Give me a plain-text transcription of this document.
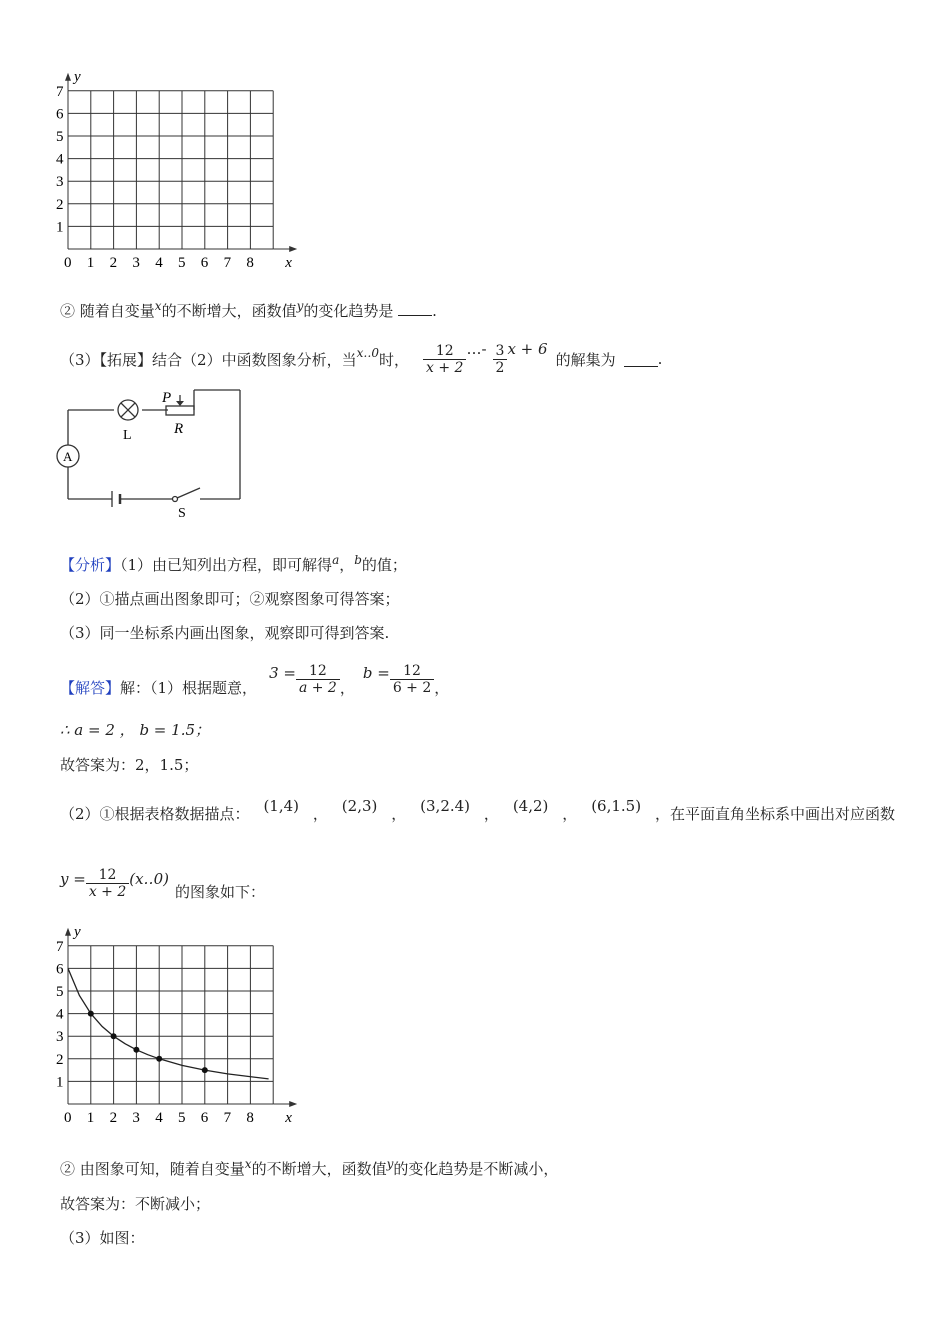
0 1 2 3 4 5 6 7 8
1
2
3
4
5
6
7
x
y
② 随着自变量$^x$的不断增大，函数值$^y$的变化趋势是	.
（3）【拓展】结合（2）中函数图象分析，当 x‥0 时， $\frac{12}{x + 2}$ …- $\frac{3}{2}$ x + 6
的解集为	.
P
R
L
A
S
【分析】（1）由已知列出方程，即可解得$^a$，$^b$的值；
（2）①描点画出图象即可；②观察图象可得答案；
（3）同一坐标系内画出图象，观察即可得到答案.
【解答】 解：（1）根据题意，
$3 = \frac{12}{a + 2}$ ，
$b = \frac{12}{6 + 2}$ ，
∴ a = 2 ， b = 1.5；
故答案为：2，1.5；
（2）①根据表格数据描点： (1,4) ， (2,3) ， (3,2.4) ， (4,2) ， (6,1.5) ，在平面直角坐标系中画出对应函数
$y = \frac{12}{x + 2}$ (x‥0)
的图象如下：
0 1 2 3 4 5 6 7 8
1
2
3
4
5
6
7
x
y
② 由图象可知，随着自变量$^x$的不断增大，函数值$^y$的变化趋势是不断减小，
故答案为：不断减小；
（3）如图：
